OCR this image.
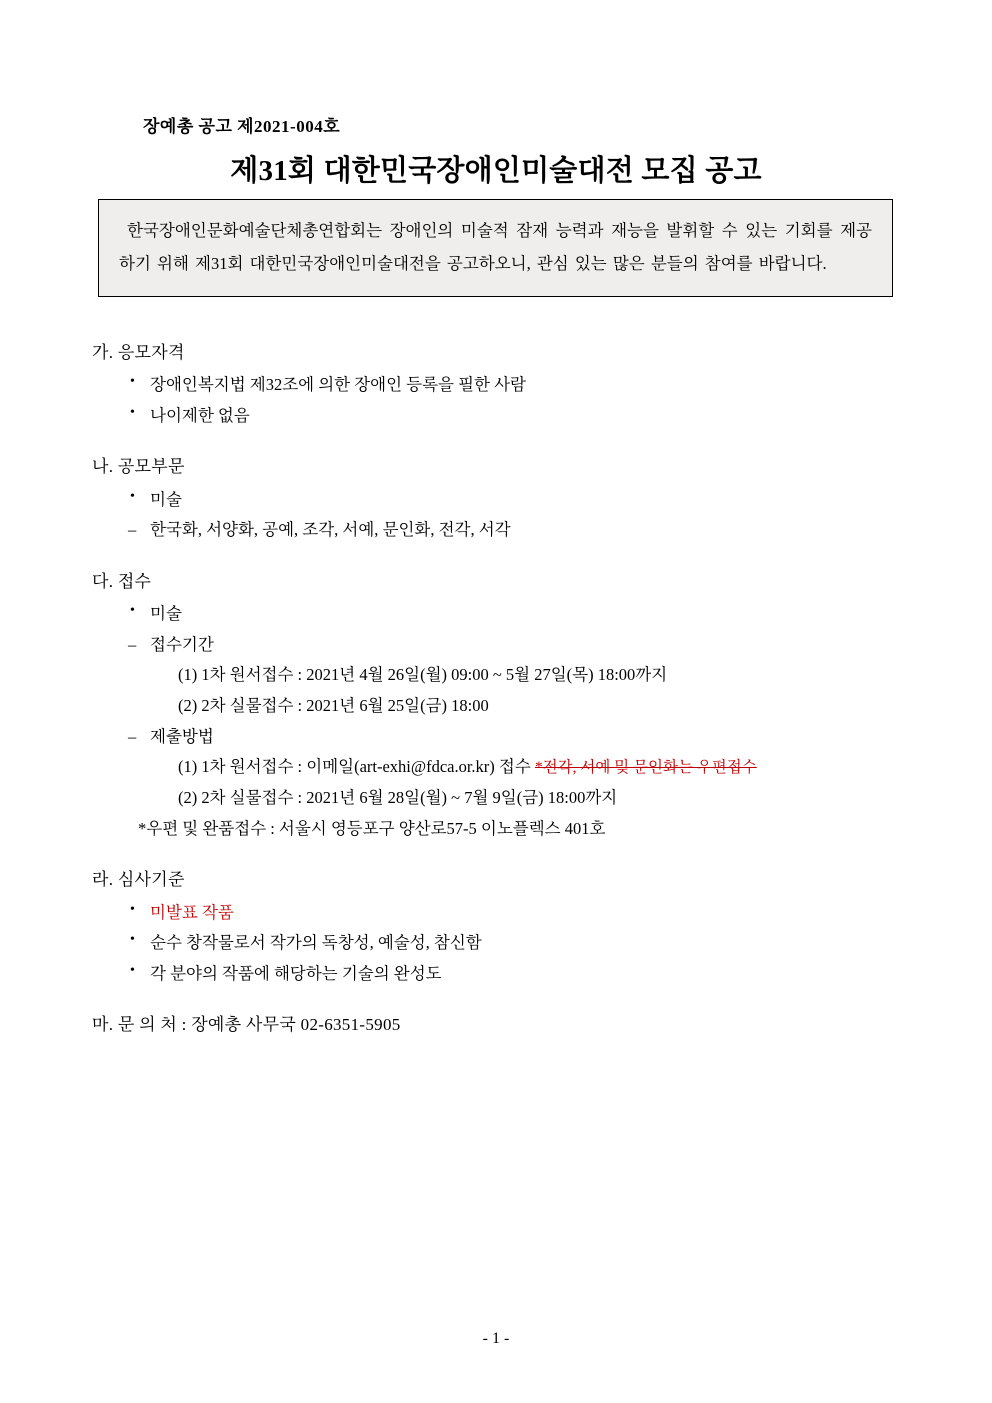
장예총 공고 제2021-004호
제31회 대한민국장애인미술대전 모집 공고

한국장애인문화예술단체총연합회는 장애인의 미술적 잠재 능력과 재능을 발휘할 수 있는 기회를 제공하기 위해 제31회 대한민국장애인미술대전을 공고하오니, 관심 있는 많은 분들의 참여를 바랍니다.

가. 응모자격
• 장애인복지법 제32조에 의한 장애인 등록을 필한 사람
• 나이제한 없음
나. 공모부문
• 미술
– 한국화, 서양화, 공예, 조각, 서예, 문인화, 전각, 서각
다. 접수
• 미술
– 접수기간
(1) 1차 원서접수 : 2021년 4월 26일(월) 09:00 ~ 5월 27일(목) 18:00까지
(2) 2차 실물접수 : 2021년 6월 25일(금) 18:00
– 제출방법
(1) 1차 원서접수 : 이메일(art-exhi@fdca.or.kr) 접수 *전각, 서예 및 문인화는 우편접수
(2) 2차 실물접수 : 2021년 6월 28일(월) ~ 7월 9일(금) 18:00까지
*우편 및 완품접수 : 서울시 영등포구 양산로57-5 이노플렉스 401호
라. 심사기준
• 미발표 작품
• 순수 창작물로서 작가의 독창성, 예술성, 참신함
• 각 분야의 작품에 해당하는 기술의 완성도
마. 문 의 처 : 장예총 사무국 02-6351-5905
- 1 -
